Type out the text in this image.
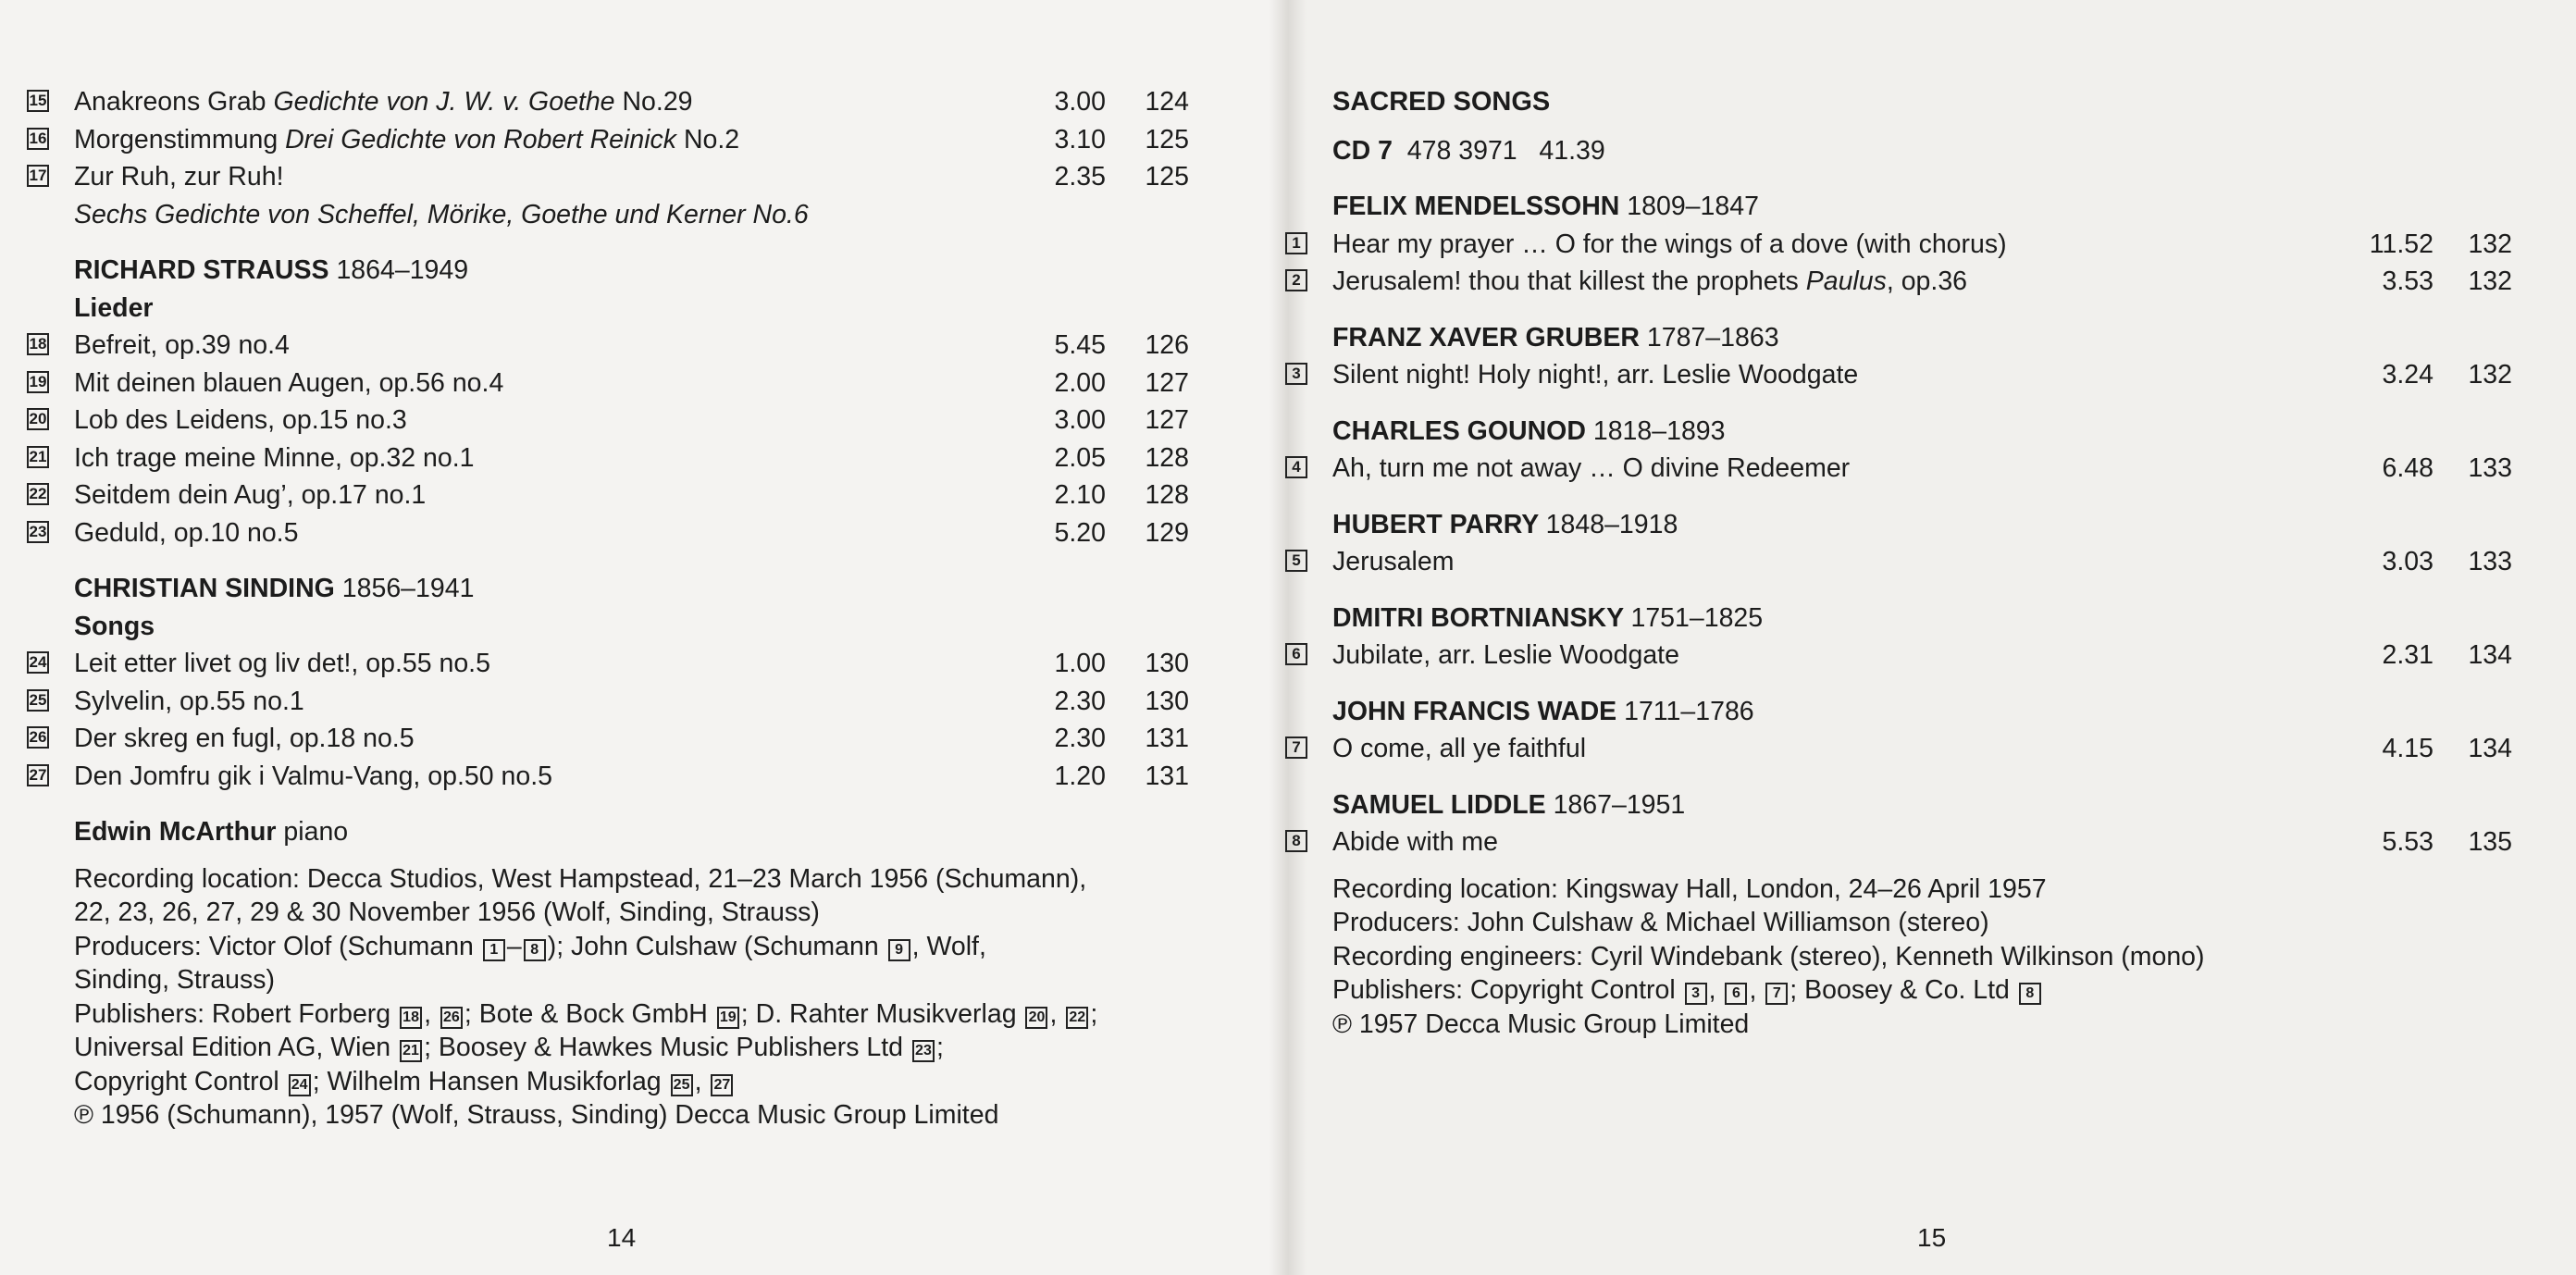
15 Anakreons Grab Gedichte von J. W. v. Goethe No.29	3.00	124
16 Morgenstimmung Drei Gedichte von Robert Reinick No.2	3.10	125
17 Zur Ruh, zur Ruh!	2.35	125
Sechs Gedichte von Scheffel, Mörike, Goethe und Kerner No.6
RICHARD STRAUSS 1864–1949
Lieder
18 Befreit, op.39 no.4	5.45	126
19 Mit deinen blauen Augen, op.56 no.4	2.00	127
20 Lob des Leidens, op.15 no.3	3.00	127
21 Ich trage meine Minne, op.32 no.1	2.05	128
22 Seitdem dein Aug’, op.17 no.1	2.10	128
23 Geduld, op.10 no.5	5.20	129
CHRISTIAN SINDING 1856–1941
Songs
24 Leit etter livet og liv det!, op.55 no.5	1.00	130
25 Sylvelin, op.55 no.1	2.30	130
26 Der skreg en fugl, op.18 no.5	2.30	131
27 Den Jomfru gik i Valmu-Vang, op.50 no.5	1.20	131
Edwin McArthur piano
Recording location: Decca Studios, West Hampstead, 21–23 March 1956 (Schumann),
22, 23, 26, 27, 29 & 30 November 1956 (Wolf, Sinding, Strauss)
Producers: Victor Olof (Schumann 1 – 8 ); John Culshaw (Schumann 9 , Wolf,
Sinding, Strauss)
Publishers: Robert Forberg 18 , 26 ; Bote & Bock GmbH 19 ; D. Rahter Musikverlag 20 , 22 ;
Universal Edition AG, Wien 21 ; Boosey & Hawkes Music Publishers Ltd 23 ;
Copyright Control 24 ; Wilhelm Hansen Musikforlag 25 , 27
℗ 1956 (Schumann), 1957 (Wolf, Strauss, Sinding) Decca Music Group Limited
14
SACRED SONGS
CD 7 478 3971 41.39
FELIX MENDELSSOHN 1809–1847
1 Hear my prayer … O for the wings of a dove (with chorus)	11.52	132
2 Jerusalem! thou that killest the prophets Paulus, op.36	3.53	132
FRANZ XAVER GRUBER 1787–1863
3 Silent night! Holy night!, arr. Leslie Woodgate	3.24	132
CHARLES GOUNOD 1818–1893
4 Ah, turn me not away … O divine Redeemer	6.48	133
HUBERT PARRY 1848–1918
5 Jerusalem	3.03	133
DMITRI BORTNIANSKY 1751–1825
6 Jubilate, arr. Leslie Woodgate	2.31	134
JOHN FRANCIS WADE 1711–1786
7 O come, all ye faithful	4.15	134
SAMUEL LIDDLE 1867–1951
8 Abide with me	5.53	135
Recording location: Kingsway Hall, London, 24–26 April 1957
Producers: John Culshaw & Michael Williamson (stereo)
Recording engineers: Cyril Windebank (stereo), Kenneth Wilkinson (mono)
Publishers: Copyright Control 3 , 6 , 7 ; Boosey & Co. Ltd 8
℗ 1957 Decca Music Group Limited
15
